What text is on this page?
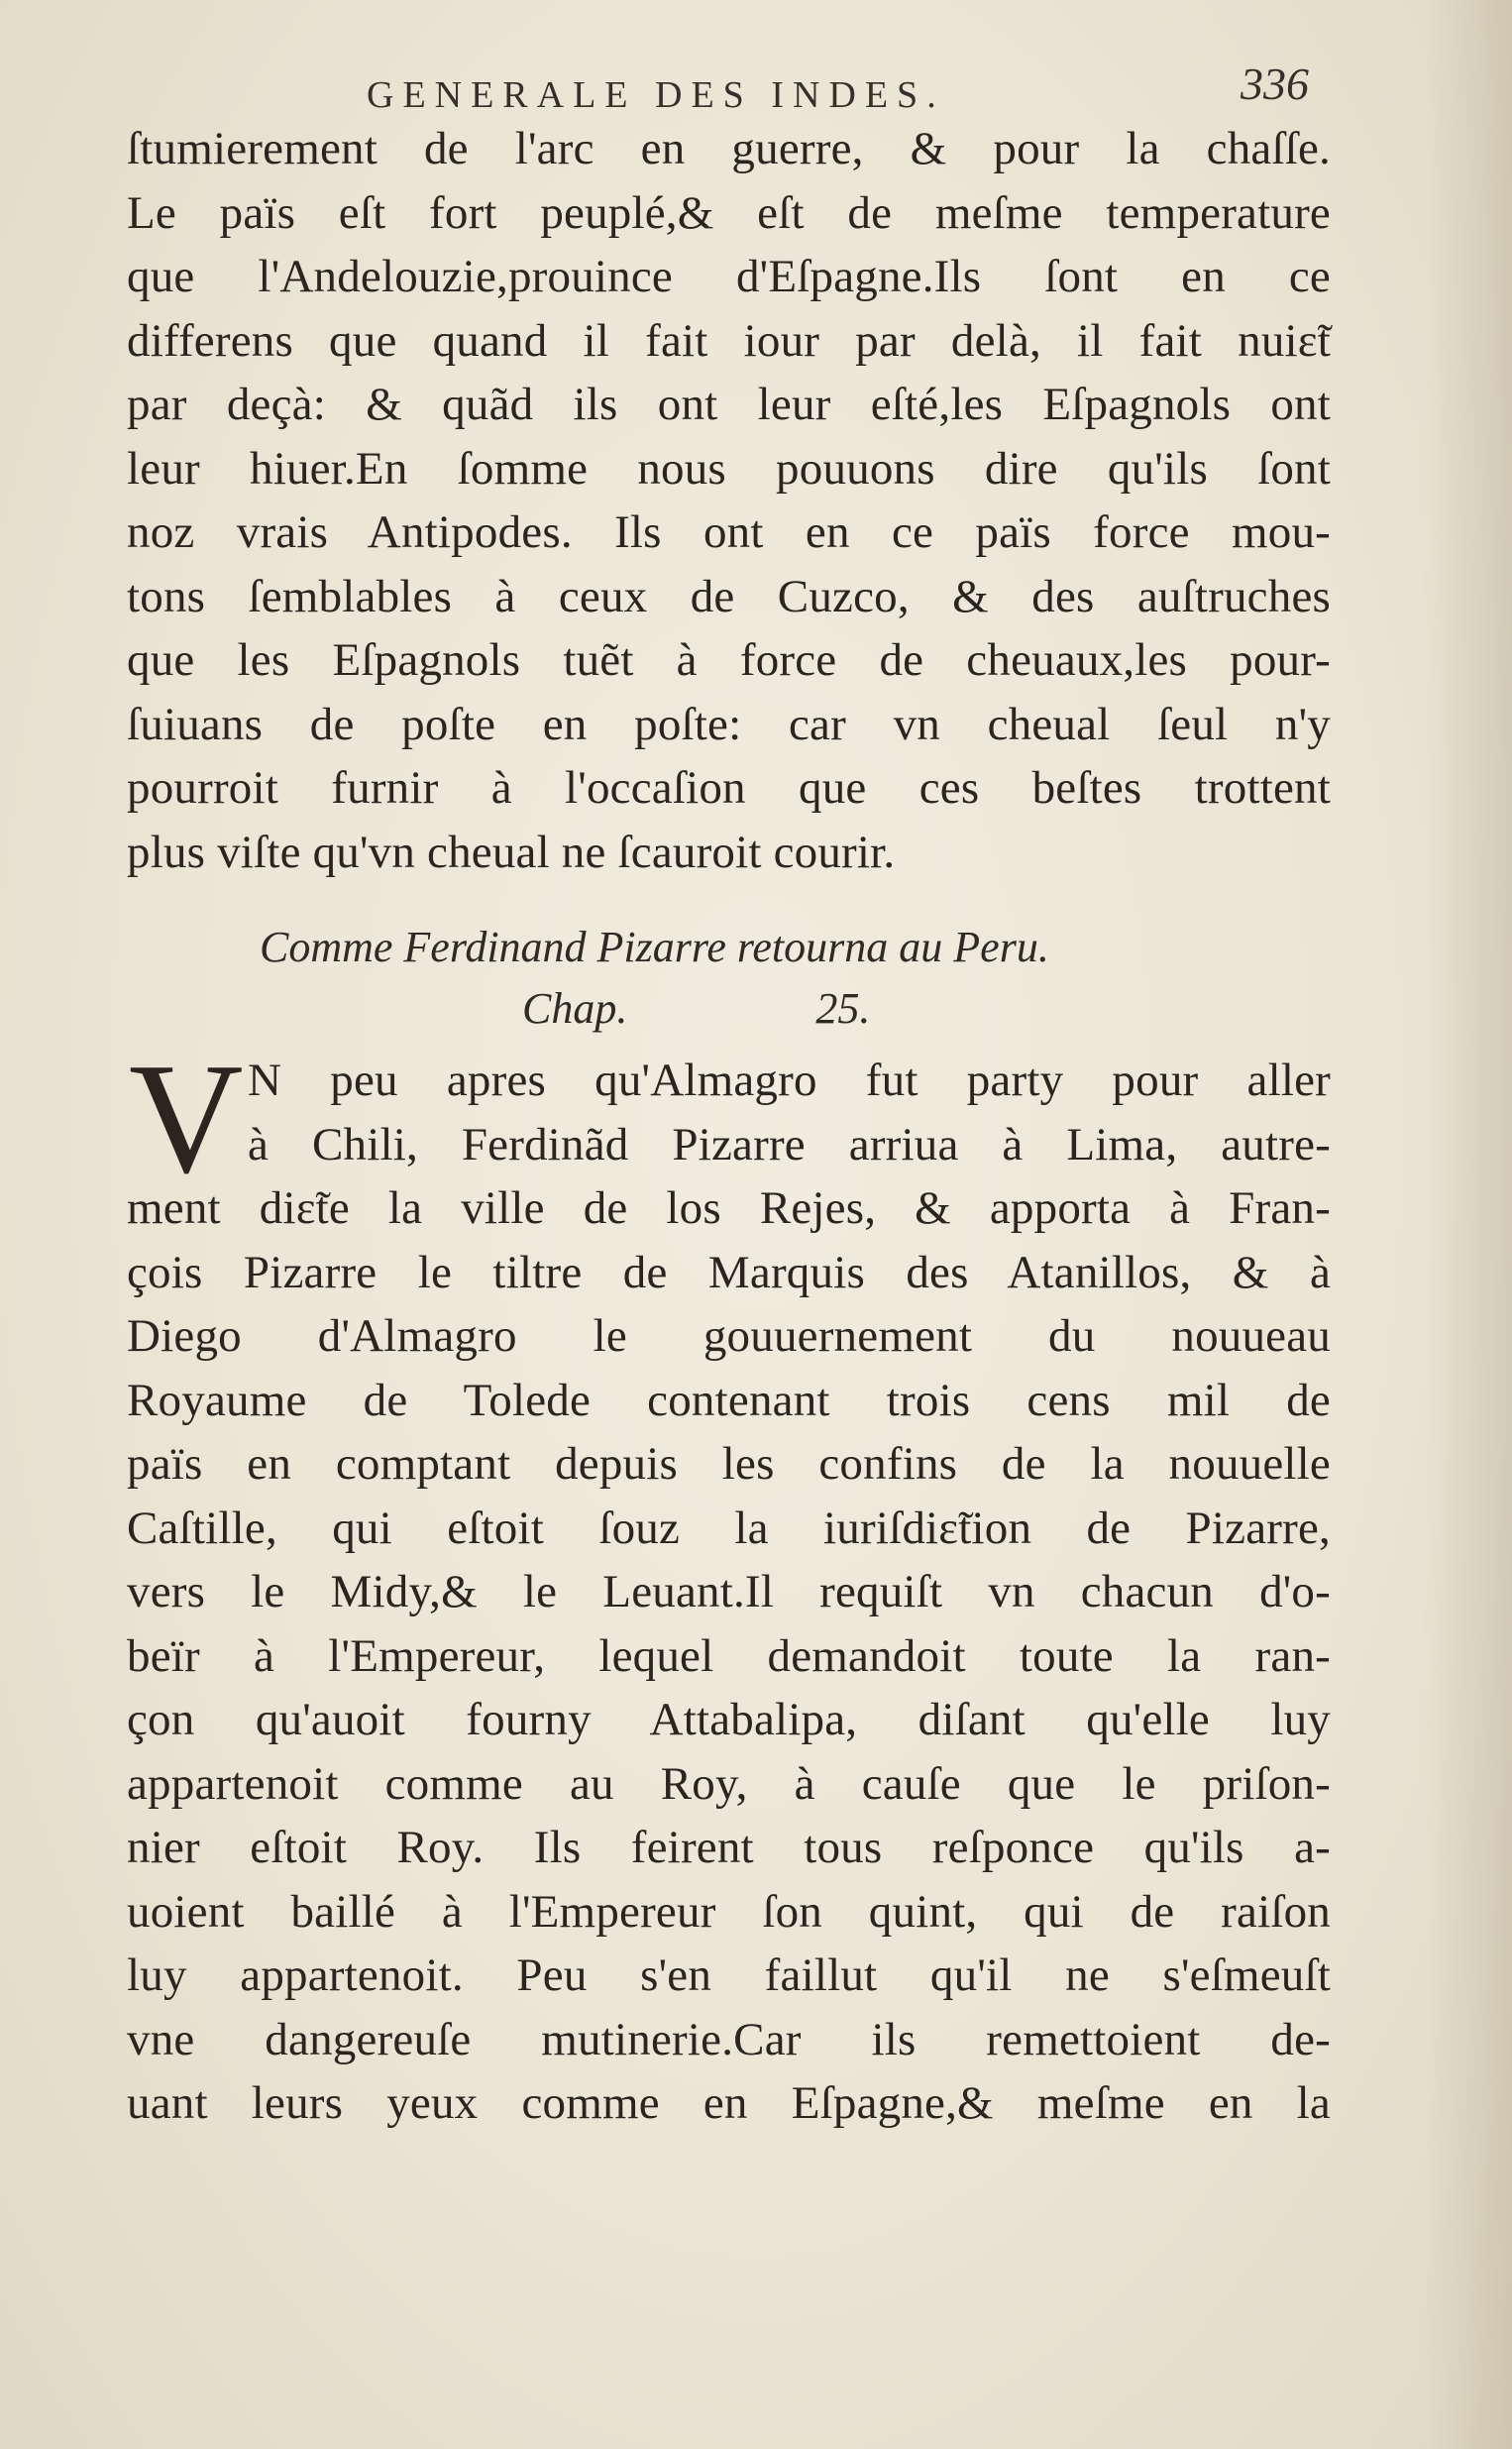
GENERALE DES INDES.	336
ſtumierement de l'arc en guerre, & pour la chaſſe.
Le païs eſt fort peuplé,& eſt de meſme temperature
que l'Andelouzie,prouince d'Eſpagne.Ils ſont en ce
differens que quand il fait iour par delà, il fait nuiɛ̃t
par deçà: & quãd ils ont leur eſté,les Eſpagnols ont
leur hiuer.En ſomme nous pouuons dire qu'ils ſont
noz vrais Antipodes. Ils ont en ce païs force mou-
tons ſemblables à ceux de Cuzco, & des auſtruches
que les Eſpagnols tuẽt à force de cheuaux,les pour-
ſuiuans de poſte en poſte: car vn cheual ſeul n'y
pourroit furnir à l'occaſion que ces beſtes trottent
plus viſte qu'vn cheual ne ſcauroit courir.
Comme Ferdinand Pizarre retourna au Peru.
Chap.	25.
V N peu apres qu'Almagro fut party pour aller
à Chili, Ferdinãd Pizarre arriua à Lima, autre-
ment diɛ̃te la ville de los Rejes, & apporta à Fran-
çois Pizarre le tiltre de Marquis des Atanillos, & à
Diego d'Almagro le gouuernement du nouueau
Royaume de Tolede contenant trois cens mil de
païs en comptant depuis les confins de la nouuelle
Caſtille, qui eſtoit ſouz la iuriſdiɛ̃tion de Pizarre,
vers le Midy,& le Leuant.Il requiſt vn chacun d'o-
beïr à l'Empereur, lequel demandoit toute la ran-
çon qu'auoit fourny Attabalipa, diſant qu'elle luy
appartenoit comme au Roy, à cauſe que le priſon-
nier eſtoit Roy. Ils feirent tous reſponce qu'ils a-
uoient baillé à l'Empereur ſon quint, qui de raiſon
luy appartenoit. Peu s'en faillut qu'il ne s'eſmeuſt
vne dangereuſe mutinerie.Car ils remettoient de-
uant leurs yeux comme en Eſpagne,& meſme en la
